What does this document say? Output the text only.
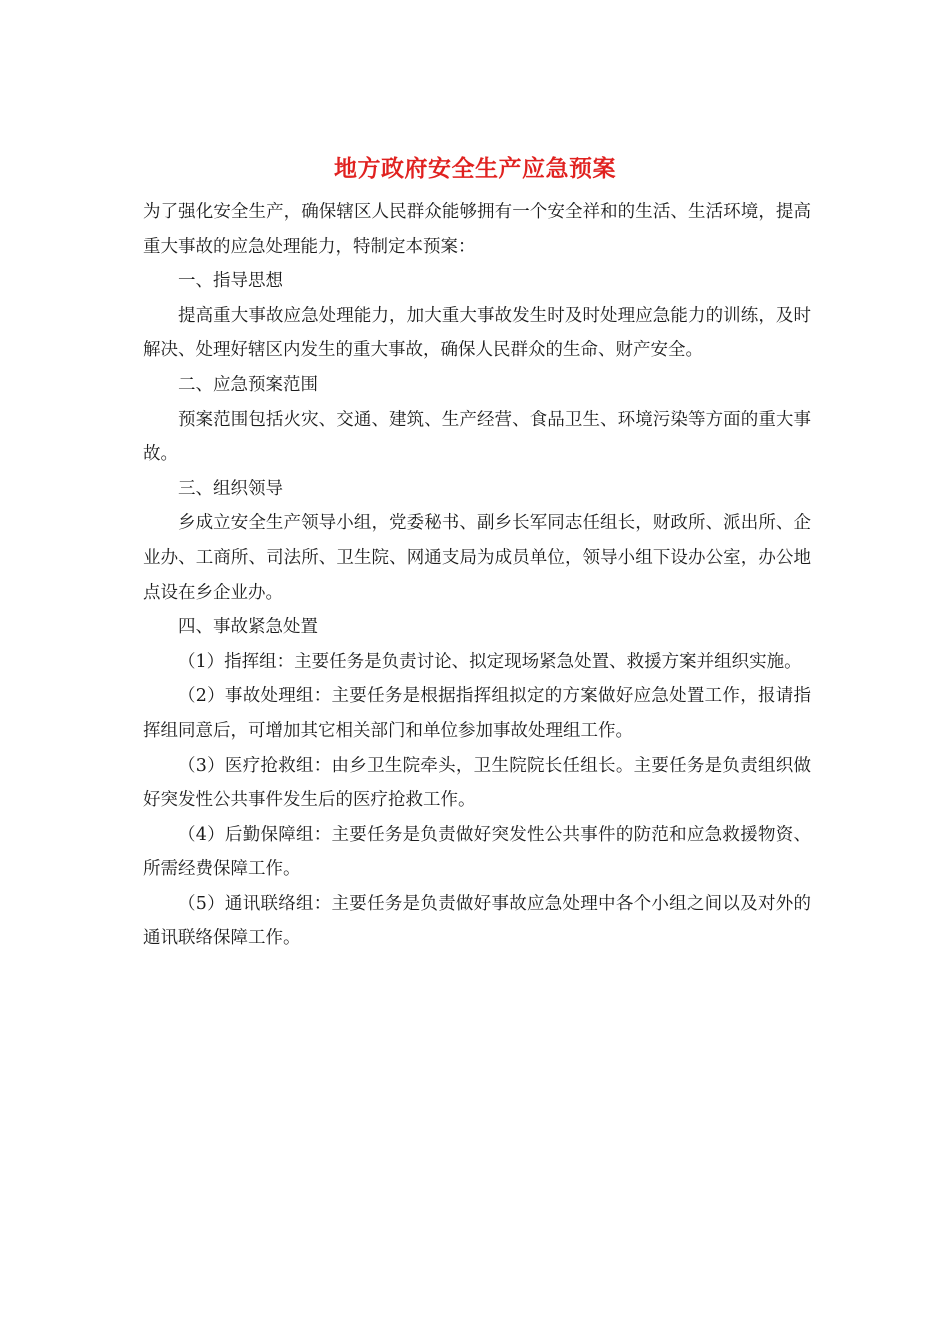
地方政府安全生产应急预案

为了强化安全生产，确保辖区人民群众能够拥有一个安全祥和的生活、生活环境，提高重大事故的应急处理能力，特制定本预案：

一、指导思想

提高重大事故应急处理能力，加大重大事故发生时及时处理应急能力的训练，及时解决、处理好辖区内发生的重大事故，确保人民群众的生命、财产安全。

二、应急预案范围

预案范围包括火灾、交通、建筑、生产经营、食品卫生、环境污染等方面的重大事故。

三、组织领导

乡成立安全生产领导小组，党委秘书、副乡长军同志任组长，财政所、派出所、企业办、工商所、司法所、卫生院、网通支局为成员单位，领导小组下设办公室，办公地点设在乡企业办。

四、事故紧急处置

（1）指挥组：主要任务是负责讨论、拟定现场紧急处置、救援方案并组织实施。

（2）事故处理组：主要任务是根据指挥组拟定的方案做好应急处置工作，报请指挥组同意后，可增加其它相关部门和单位参加事故处理组工作。

（3）医疗抢救组：由乡卫生院牵头，卫生院院长任组长。主要任务是负责组织做好突发性公共事件发生后的医疗抢救工作。

（4）后勤保障组：主要任务是负责做好突发性公共事件的防范和应急救援物资、所需经费保障工作。

（5）通讯联络组：主要任务是负责做好事故应急处理中各个小组之间以及对外的通讯联络保障工作。
